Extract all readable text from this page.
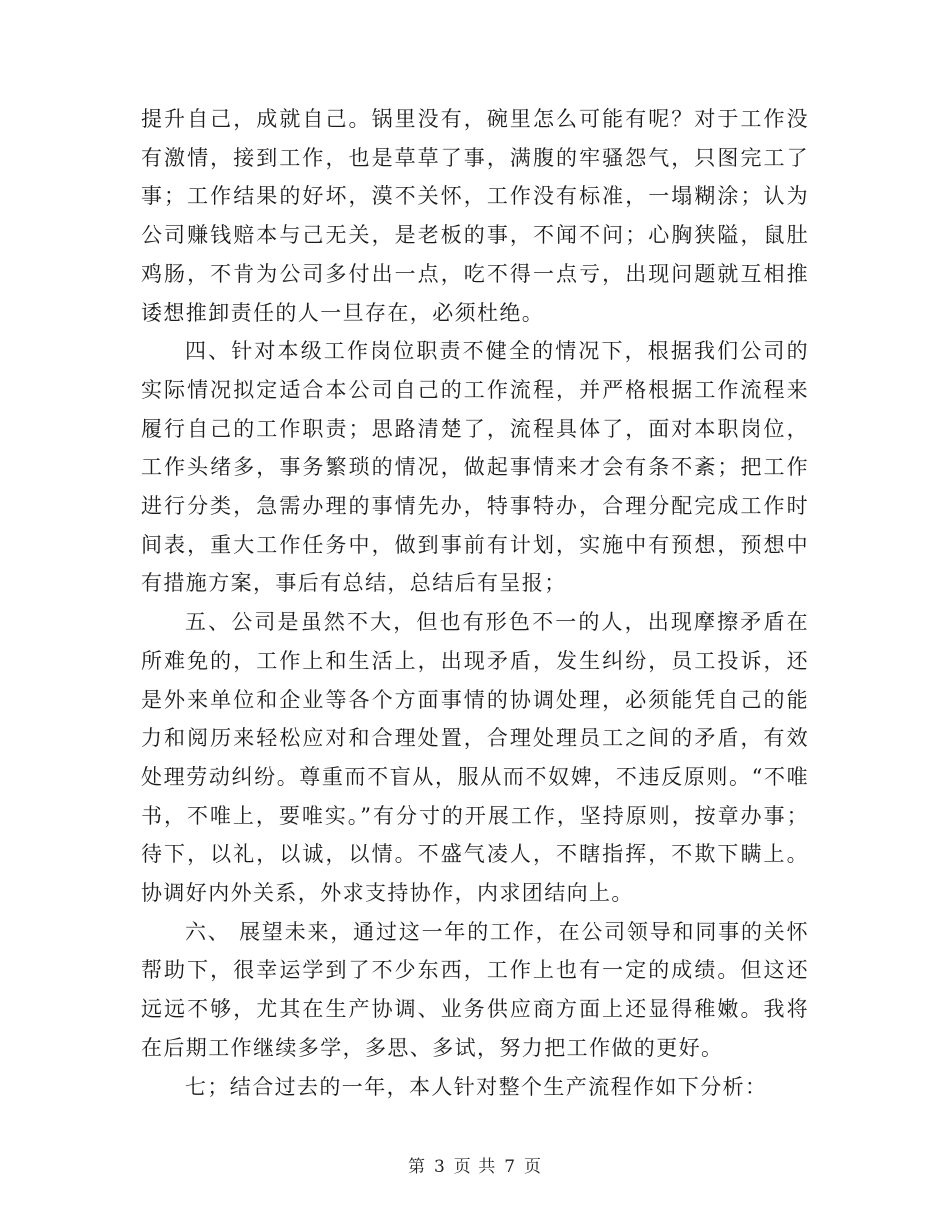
提升自己，成就自己。锅里没有，碗里怎么可能有呢？对于工作没有激情，接到工作，也是草草了事，满腹的牢骚怨气，只图完工了事；工作结果的好坏，漠不关怀，工作没有标准，一塌糊涂；认为公司赚钱赔本与己无关，是老板的事，不闻不问；心胸狭隘，鼠肚鸡肠，不肯为公司多付出一点，吃不得一点亏，出现问题就互相推诿想推卸责任的人一旦存在，必须杜绝。

四、针对本级工作岗位职责不健全的情况下，根据我们公司的实际情况拟定适合本公司自己的工作流程，并严格根据工作流程来履行自己的工作职责；思路清楚了，流程具体了，面对本职岗位，工作头绪多，事务繁琐的情况，做起事情来才会有条不紊；把工作进行分类，急需办理的事情先办，特事特办，合理分配完成工作时间表，重大工作任务中，做到事前有计划，实施中有预想，预想中有措施方案，事后有总结，总结后有呈报；

五、公司是虽然不大，但也有形色不一的人，出现摩擦矛盾在所难免的，工作上和生活上，出现矛盾，发生纠纷，员工投诉，还是外来单位和企业等各个方面事情的协调处理，必须能凭自己的能力和阅历来轻松应对和合理处置，合理处理员工之间的矛盾，有效处理劳动纠纷。尊重而不盲从，服从而不奴婢，不违反原则。“不唯书，不唯上，要唯实。”有分寸的开展工作，坚持原则，按章办事；待下，以礼，以诚，以情。不盛气凌人，不瞎指挥，不欺下瞒上。协调好内外关系，外求支持协作，内求团结向上。

六、 展望未来，通过这一年的工作，在公司领导和同事的关怀帮助下，很幸运学到了不少东西，工作上也有一定的成绩。但这还远远不够，尤其在生产协调、业务供应商方面上还显得稚嫩。我将在后期工作继续多学，多思、多试，努力把工作做的更好。

七；结合过去的一年，本人针对整个生产流程作如下分析：

第 3 页 共 7 页
